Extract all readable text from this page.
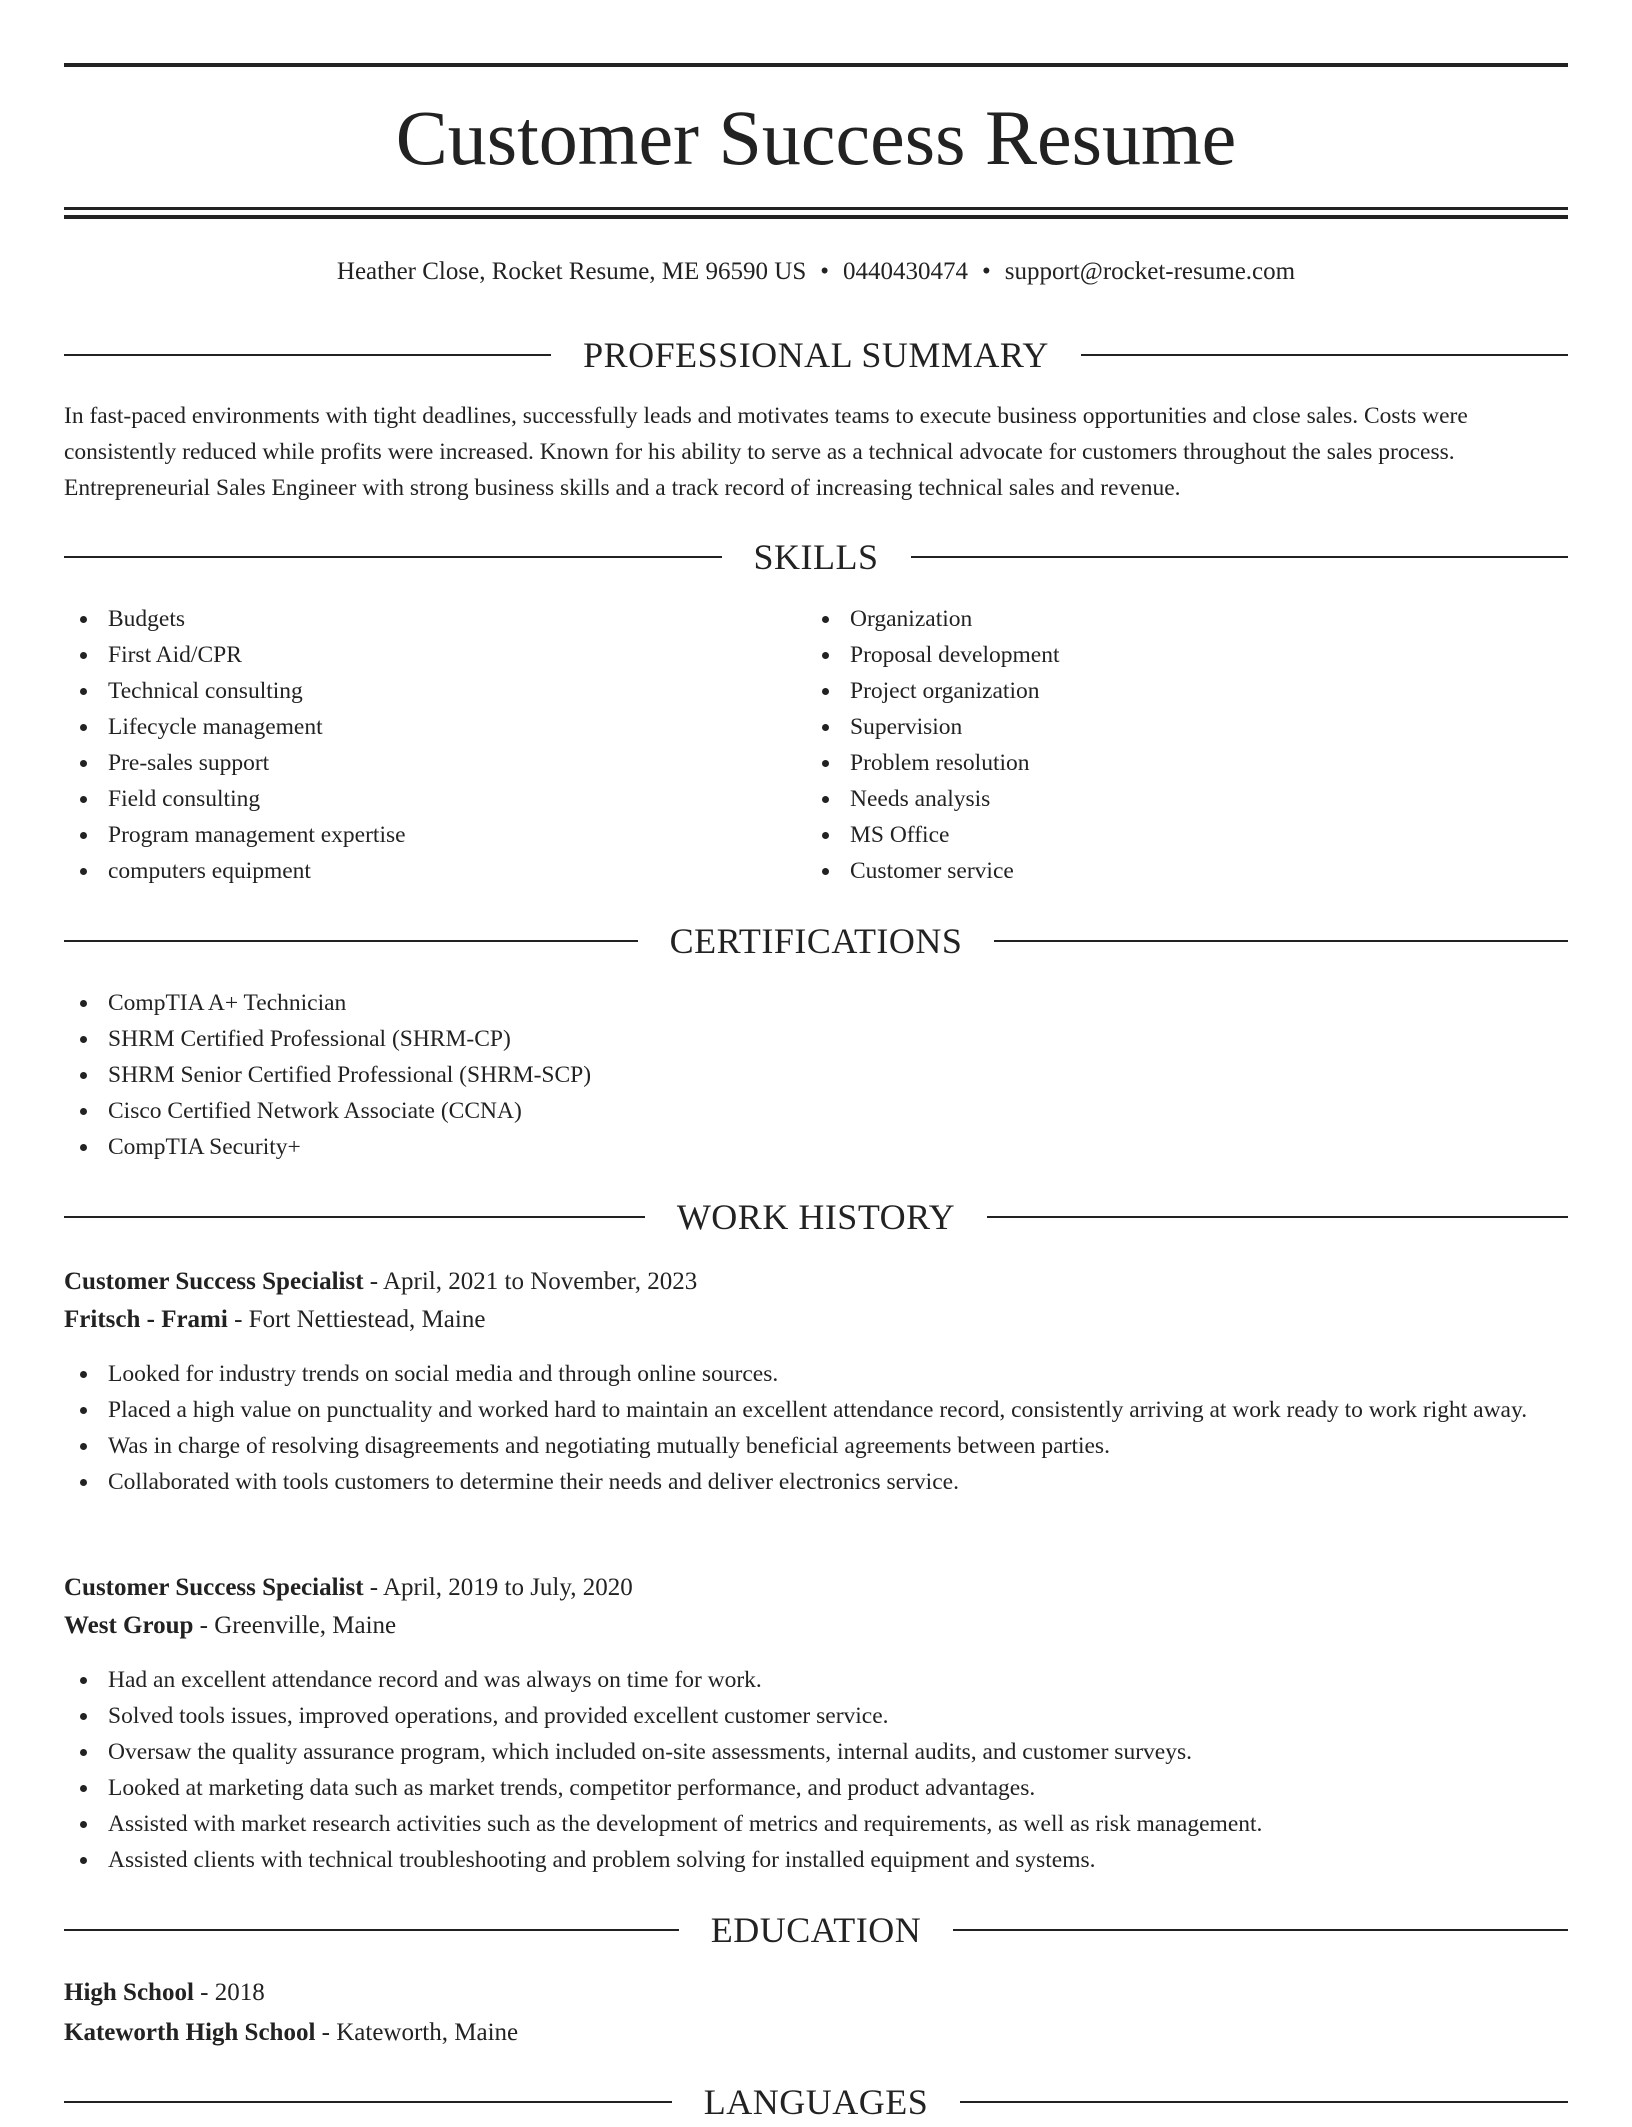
Customer Success Resume
Heather Close, Rocket Resume, ME 96590 US • 0440430474 • support@rocket-resume.com
PROFESSIONAL SUMMARY

In fast-paced environments with tight deadlines, successfully leads and motivates teams to execute business opportunities and close sales. Costs were consistently reduced while profits were increased. Known for his ability to serve as a technical advocate for customers throughout the sales process. Entrepreneurial Sales Engineer with strong business skills and a track record of increasing technical sales and revenue.

SKILLS
Budgets
First Aid/CPR
Technical consulting
Lifecycle management
Pre-sales support
Field consulting
Program management expertise
computers equipment
Organization
Proposal development
Project organization
Supervision
Problem resolution
Needs analysis
MS Office
Customer service
CERTIFICATIONS
CompTIA A+ Technician
SHRM Certified Professional (SHRM-CP)
SHRM Senior Certified Professional (SHRM-SCP)
Cisco Certified Network Associate (CCNA)
CompTIA Security+
WORK HISTORY
Customer Success Specialist - April, 2021 to November, 2023
Fritsch - Frami - Fort Nettiestead, Maine
Looked for industry trends on social media and through online sources.
Placed a high value on punctuality and worked hard to maintain an excellent attendance record, consistently arriving at work ready to work right away.
Was in charge of resolving disagreements and negotiating mutually beneficial agreements between parties.
Collaborated with tools customers to determine their needs and deliver electronics service.
Customer Success Specialist - April, 2019 to July, 2020
West Group - Greenville, Maine
Had an excellent attendance record and was always on time for work.
Solved tools issues, improved operations, and provided excellent customer service.
Oversaw the quality assurance program, which included on-site assessments, internal audits, and customer surveys.
Looked at marketing data such as market trends, competitor performance, and product advantages.
Assisted with market research activities such as the development of metrics and requirements, as well as risk management.
Assisted clients with technical troubleshooting and problem solving for installed equipment and systems.
EDUCATION
High School - 2018
Kateworth High School - Kateworth, Maine
LANGUAGES
